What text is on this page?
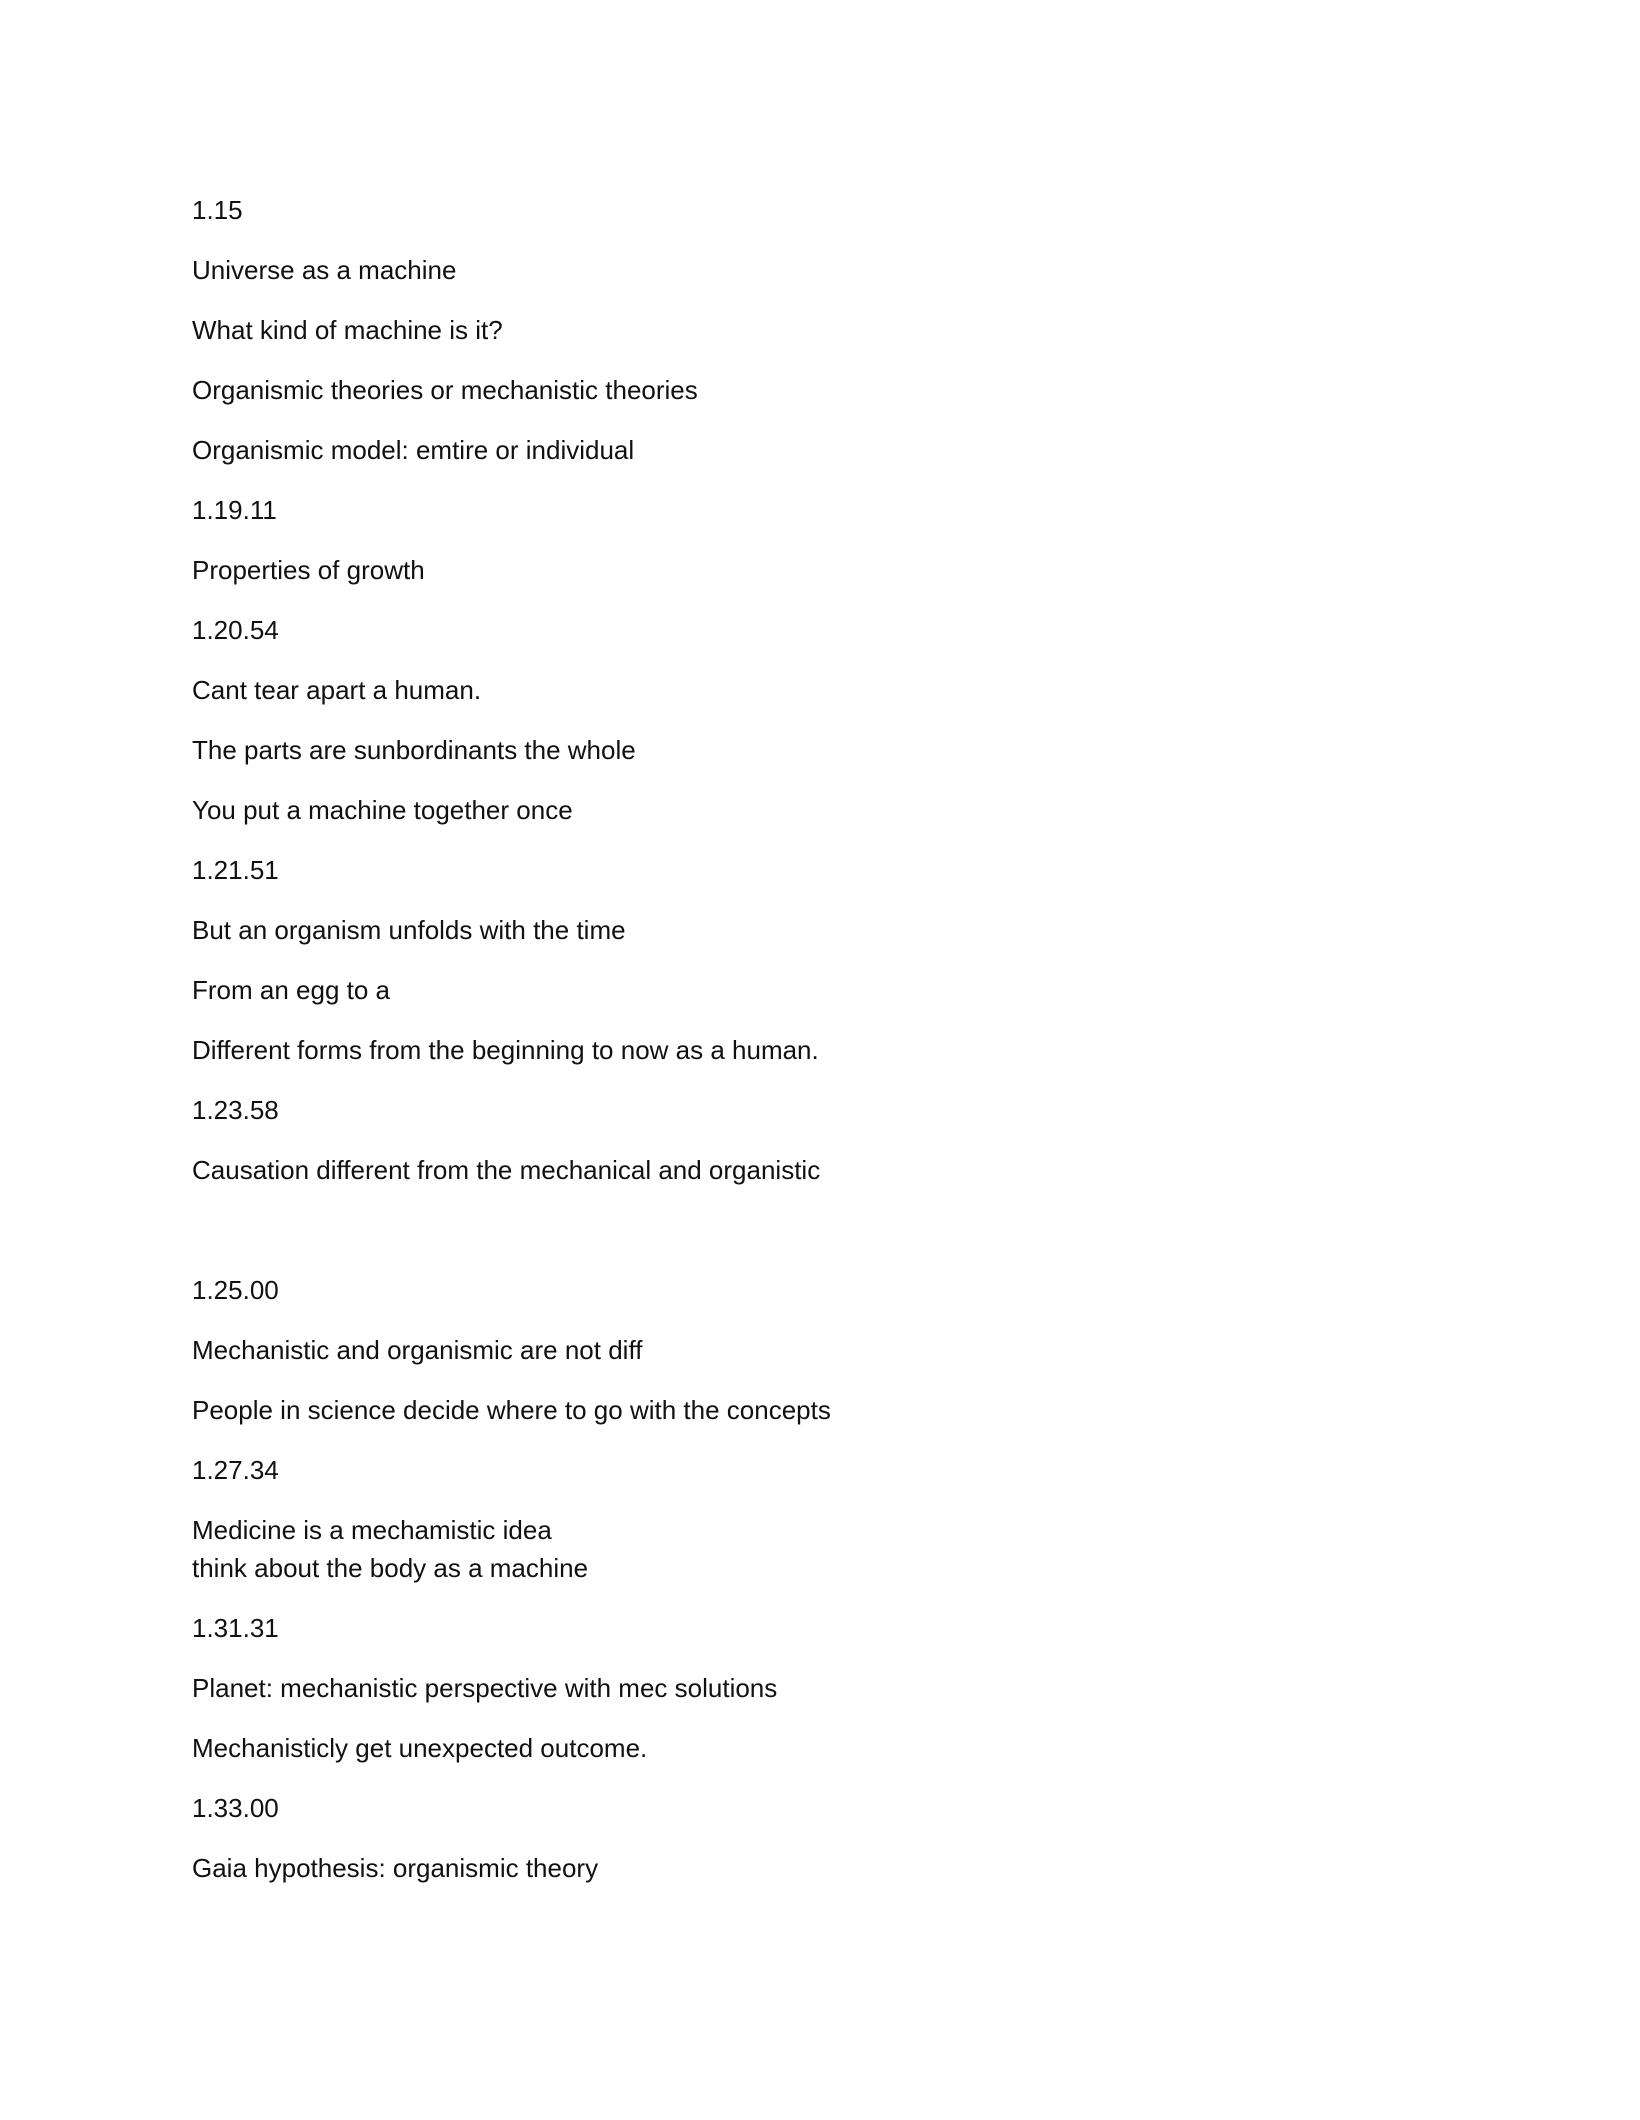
1.15
Universe as a machine
What kind of machine is it?
Organismic theories or mechanistic theories
Organismic model: emtire or individual
1.19.11
Properties of growth
1.20.54
Cant tear apart a human.
The parts are sunbordinants the whole
You put a machine together once
1.21.51
But an organism unfolds with the time
From an egg to a
Different forms from the beginning to now as a human.
1.23.58
Causation different from the mechanical and organistic
1.25.00
Mechanistic and organismic are not diff
People in science decide where to go with the concepts
1.27.34
Medicine is a mechamistic idea
think about the body as a machine
1.31.31
Planet: mechanistic perspective with mec solutions
Mechanisticly get unexpected outcome.
1.33.00
Gaia hypothesis: organismic theory
